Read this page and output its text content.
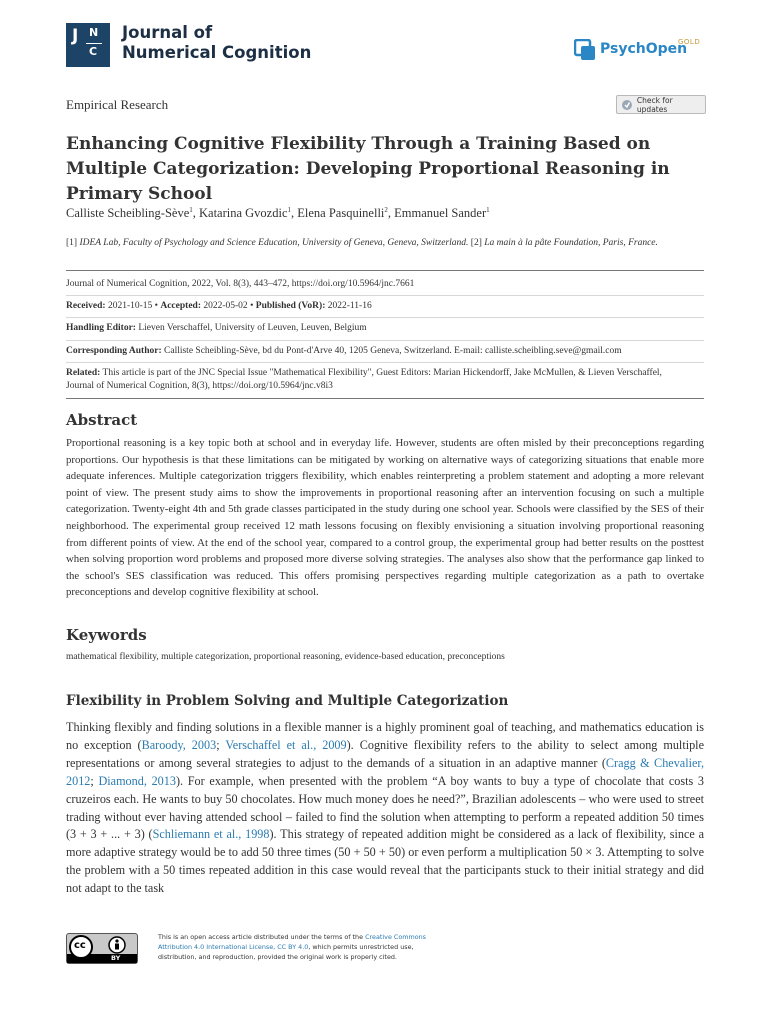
J N
C
Journal of
Numerical Cognition	PsychOpen
GOLD
Empirical Research	Check for updates
Enhancing Cognitive Flexibility Through a Training Based on Multiple Categorization: Developing Proportional Reasoning in Primary School
Calliste Scheibling-Sève$^1$, Katarina Gvozdic$^1$, Elena Pasquinelli$^2$, Emmanuel Sander$^1$
[1] IDEA Lab, Faculty of Psychology and Science Education, University of Geneva, Geneva, Switzerland. [2] La main à la pâte Foundation, Paris, France.
Journal of Numerical Cognition, 2022, Vol. 8(3), 443–472, https://doi.org/10.5964/jnc.7661
Received: 2021-10-15 • Accepted: 2022-05-02 • Published (VoR): 2022-11-16
Handling Editor: Lieven Verschaffel, University of Leuven, Leuven, Belgium
Corresponding Author: Calliste Scheibling-Sève, bd du Pont-d'Arve 40, 1205 Geneva, Switzerland. E-mail: calliste.scheibling.seve@gmail.com
Related: This article is part of the JNC Special Issue "Mathematical Flexibility", Guest Editors: Marian Hickendorff, Jake McMullen, & Lieven Verschaffel,
Journal of Numerical Cognition, 8(3), https://doi.org/10.5964/jnc.v8i3
Abstract
Proportional reasoning is a key topic both at school and in everyday life. However, students are often misled by their preconceptions regarding proportions. Our hypothesis is that these limitations can be mitigated by working on alternative ways of categorizing situations that enable more adequate inferences. Multiple categorization triggers flexibility, which enables reinterpreting a problem statement and adopting a more relevant point of view. The present study aims to show the improvements in proportional reasoning after an intervention focusing on such a multiple categorization. Twenty-eight 4th and 5th grade classes participated in the study during one school year. Schools were classified by the SES of their neighborhood. The experimental group received 12 math lessons focusing on flexibly envisioning a situation involving proportional reasoning from different points of view. At the end of the school year, compared to a control group, the experimental group had better results on the posttest when solving proportion word problems and proposed more diverse solving strategies. The analyses also show that the performance gap linked to the school's SES classification was reduced. This offers promising perspectives regarding multiple categorization as a path to overtake preconceptions and develop cognitive flexibility at school.
Keywords
mathematical flexibility, multiple categorization, proportional reasoning, evidence-based education, preconceptions
Flexibility in Problem Solving and Multiple Categorization
Thinking flexibly and finding solutions in a flexible manner is a highly prominent goal of teaching, and mathematics education is no exception (Baroody, 2003; Verschaffel et al., 2009). Cognitive flexibility refers to the ability to select among multiple representations or among several strategies to adjust to the demands of a situation in an adaptive manner (Cragg & Chevalier, 2012; Diamond, 2013). For example, when presented with the problem “A boy wants to buy a type of chocolate that costs 3 cruzeiros each. He wants to buy 50 chocolates. How much money does he need?”, Brazilian adolescents – who were used to street trading without ever having attended school – failed to find the solution when attempting to perform a repeated addition 50 times (3 + 3 + ... + 3) (Schliemann et al., 1998). This strategy of repeated addition might be considered as a lack of flexibility, since a more adaptive strategy would be to add 50 three times (50 + 50 + 50) or even perform a multiplication 50 × 3. Attempting to solve the problem with a 50 times repeated addition in this case would reveal that the participants stuck to their initial strategy and did not adapt to the task
cc
BY
This is an open access article distributed under the terms of the Creative Commons Attribution 4.0 International License, CC BY 4.0, which permits unrestricted use, distribution, and reproduction, provided the original work is properly cited.
